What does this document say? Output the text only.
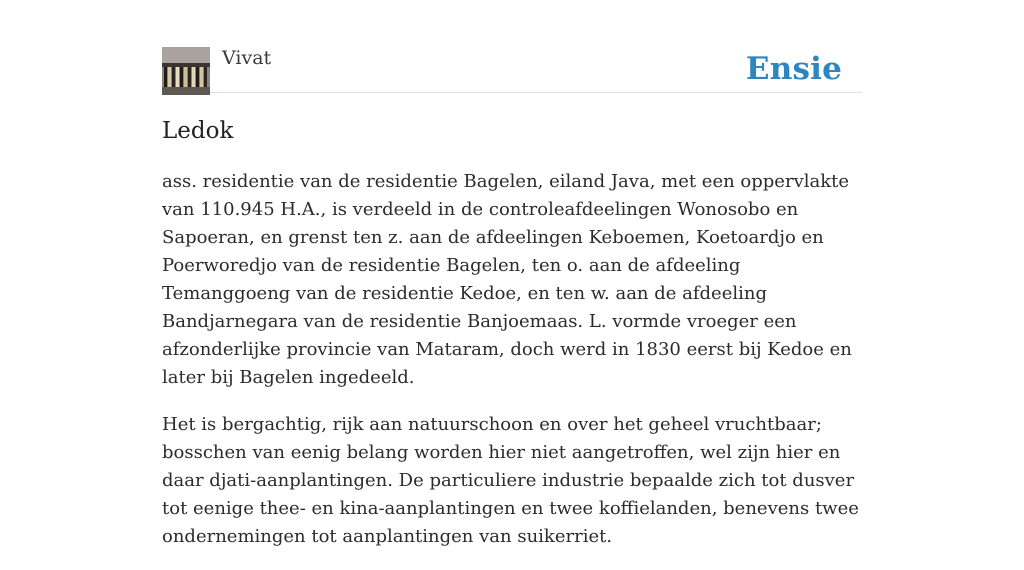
Vivat	Ensie
Ledok

ass. residentie van de residentie Bagelen, eiland Java, met een oppervlakte van 110.945 H.A., is verdeeld in de controleafdeelingen Wonosobo en Sapoeran, en grenst ten z. aan de afdeelingen Keboemen, Koetoardjo en Poerworedjo van de residentie Bagelen, ten o. aan de afdeeling Temanggoeng van de residentie Kedoe, en ten w. aan de afdeeling Bandjarnegara van de residentie Banjoemaas. L. vormde vroeger een afzonderlijke provincie van Mataram, doch werd in 1830 eerst bij Kedoe en later bij Bagelen ingedeeld.

Het is bergachtig, rijk aan natuurschoon en over het geheel vruchtbaar; bosschen van eenig belang worden hier niet aangetroffen, wel zijn hier en daar djati-aanplantingen. De particuliere industrie bepaalde zich tot dusver tot eenige thee- en kina-aanplantingen en twee koffielanden, benevens twee ondernemingen tot aanplantingen van suikerriet.
